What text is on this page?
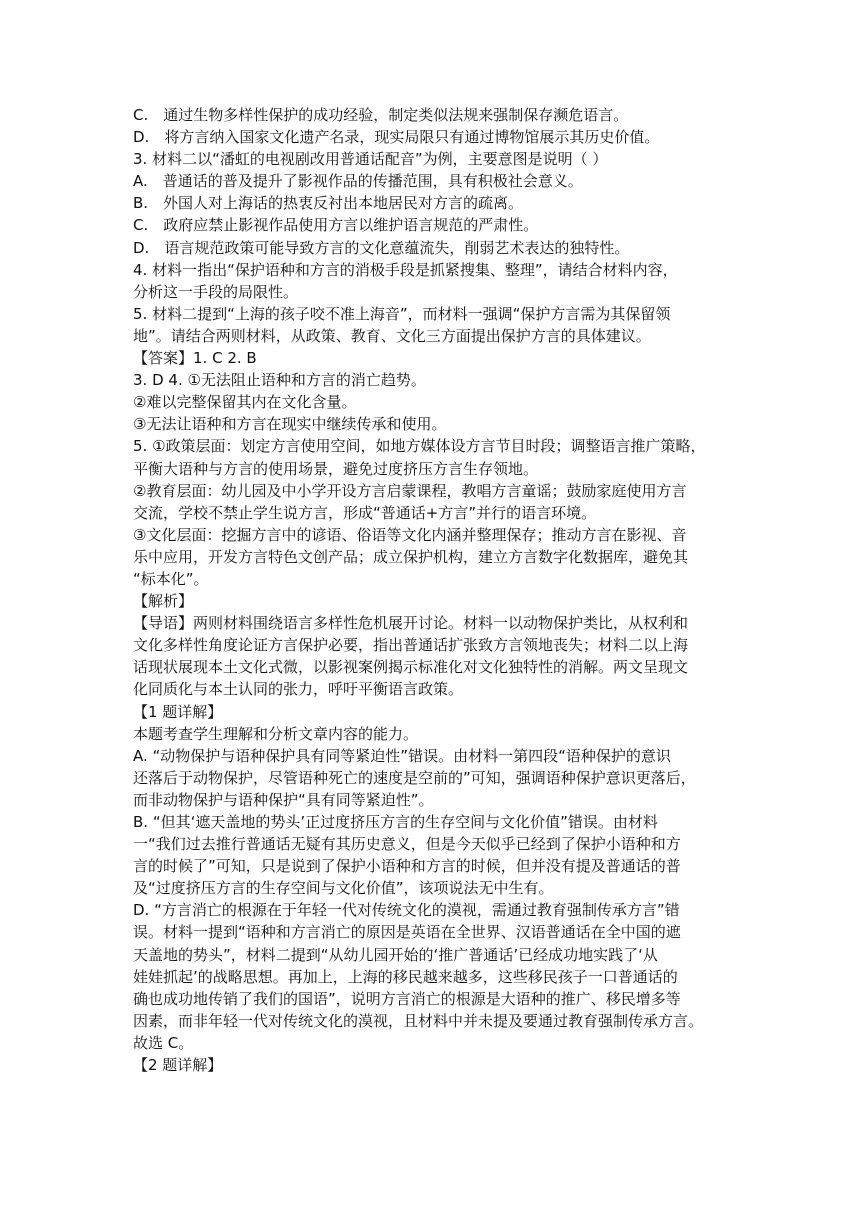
C.　通过生物多样性保护的成功经验，制定类似法规来强制保存濒危语言。
D.　将方言纳入国家文化遗产名录，现实局限只有通过博物馆展示其历史价值。
3. 材料二以“潘虹的电视剧改用普通话配音”为例，主要意图是说明（ ）
A.　普通话的普及提升了影视作品的传播范围，具有积极社会意义。
B.　外国人对上海话的热衷反衬出本地居民对方言的疏离。
C.　政府应禁止影视作品使用方言以维护语言规范的严肃性。
D.　语言规范政策可能导致方言的文化意蕴流失，削弱艺术表达的独特性。
4. 材料一指出“保护语种和方言的消极手段是抓紧搜集、整理”，请结合材料内容，
分析这一手段的局限性。
5. 材料二提到“上海的孩子咬不准上海音”，而材料一强调“保护方言需为其保留领
地”。请结合两则材料，从政策、教育、文化三方面提出保护方言的具体建议。
【答案】1. C 2. B
3. D 4. ①无法阻止语种和方言的消亡趋势。
②难以完整保留其内在文化含量。
③无法让语种和方言在现实中继续传承和使用。
5. ①政策层面：划定方言使用空间，如地方媒体设方言节目时段；调整语言推广策略，
平衡大语种与方言的使用场景，避免过度挤压方言生存领地。
②教育层面：幼儿园及中小学开设方言启蒙课程，教唱方言童谣；鼓励家庭使用方言
交流，学校不禁止学生说方言，形成“普通话+方言”并行的语言环境。
③文化层面：挖掘方言中的谚语、俗语等文化内涵并整理保存；推动方言在影视、音
乐中应用，开发方言特色文创产品；成立保护机构，建立方言数字化数据库，避免其
“标本化”。
【解析】
【导语】两则材料围绕语言多样性危机展开讨论。材料一以动物保护类比，从权利和
文化多样性角度论证方言保护必要，指出普通话扩张致方言领地丧失；材料二以上海
话现状展现本土文化式微，以影视案例揭示标准化对文化独特性的消解。两文呈现文
化同质化与本土认同的张力，呼吁平衡语言政策。
【1 题详解】
本题考查学生理解和分析文章内容的能力。
A. “动物保护与语种保护具有同等紧迫性”错误。由材料一第四段“语种保护的意识
还落后于动物保护，尽管语种死亡的速度是空前的”可知，强调语种保护意识更落后，
而非动物保护与语种保护“具有同等紧迫性”。
B. “但其‘遮天盖地的势头’正过度挤压方言的生存空间与文化价值”错误。由材料
一“我们过去推行普通话无疑有其历史意义，但是今天似乎已经到了保护小语种和方
言的时候了”可知，只是说到了保护小语种和方言的时候，但并没有提及普通话的普
及“过度挤压方言的生存空间与文化价值”，该项说法无中生有。
D. “方言消亡的根源在于年轻一代对传统文化的漠视，需通过教育强制传承方言”错
误。材料一提到“语种和方言消亡的原因是英语在全世界、汉语普通话在全中国的遮
天盖地的势头”，材料二提到“从幼儿园开始的‘推广普通话’已经成功地实践了‘从
娃娃抓起’的战略思想。再加上，上海的移民越来越多，这些移民孩子一口普通话的
确也成功地传销了我们的国语”，说明方言消亡的根源是大语种的推广、移民增多等
因素，而非年轻一代对传统文化的漠视，且材料中并未提及要通过教育强制传承方言。
故选 C。
【2 题详解】
